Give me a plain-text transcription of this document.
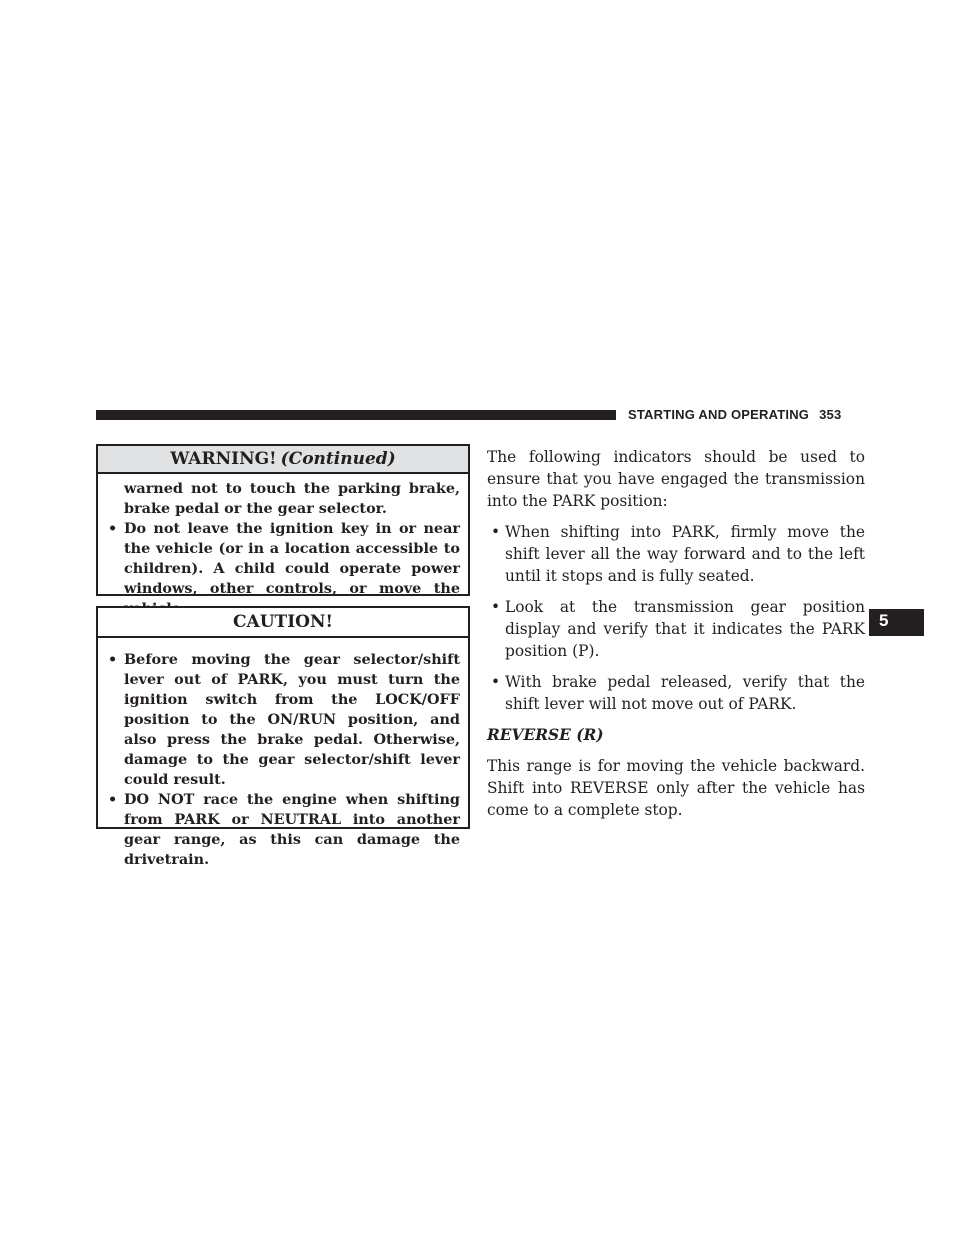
STARTING AND OPERATING 353
WARNING! (Continued)

warned not to touch the parking brake, brake pedal or the gear selector.

• Do not leave the ignition key in or near the vehicle (or in a location accessible to children). A child could operate power windows, other controls, or move the

CAUTION!

• Before moving the gear selector/shift lever out of PARK, you must turn the ignition switch from the LOCK/OFF position to the ON/RUN position, and also press the brake pedal. Otherwise, damage to the gear selector/shift lever could result.

• DO NOT race the engine when shifting from PARK or NEUTRAL into another gear range, as this can damage the drivetrain.

The following indicators should be used to ensure that you have engaged the transmission into the PARK position:

• When shifting into PARK, firmly move the shift lever all the way forward and to the left until it stops and is fully seated.

• Look at the transmission gear position display and verify that it indicates the PARK position (P).

• With brake pedal released, verify that the shift lever will not move out of PARK.

REVERSE (R)

This range is for moving the vehicle backward. Shift into REVERSE only after the vehicle has come to a complete stop.

5
